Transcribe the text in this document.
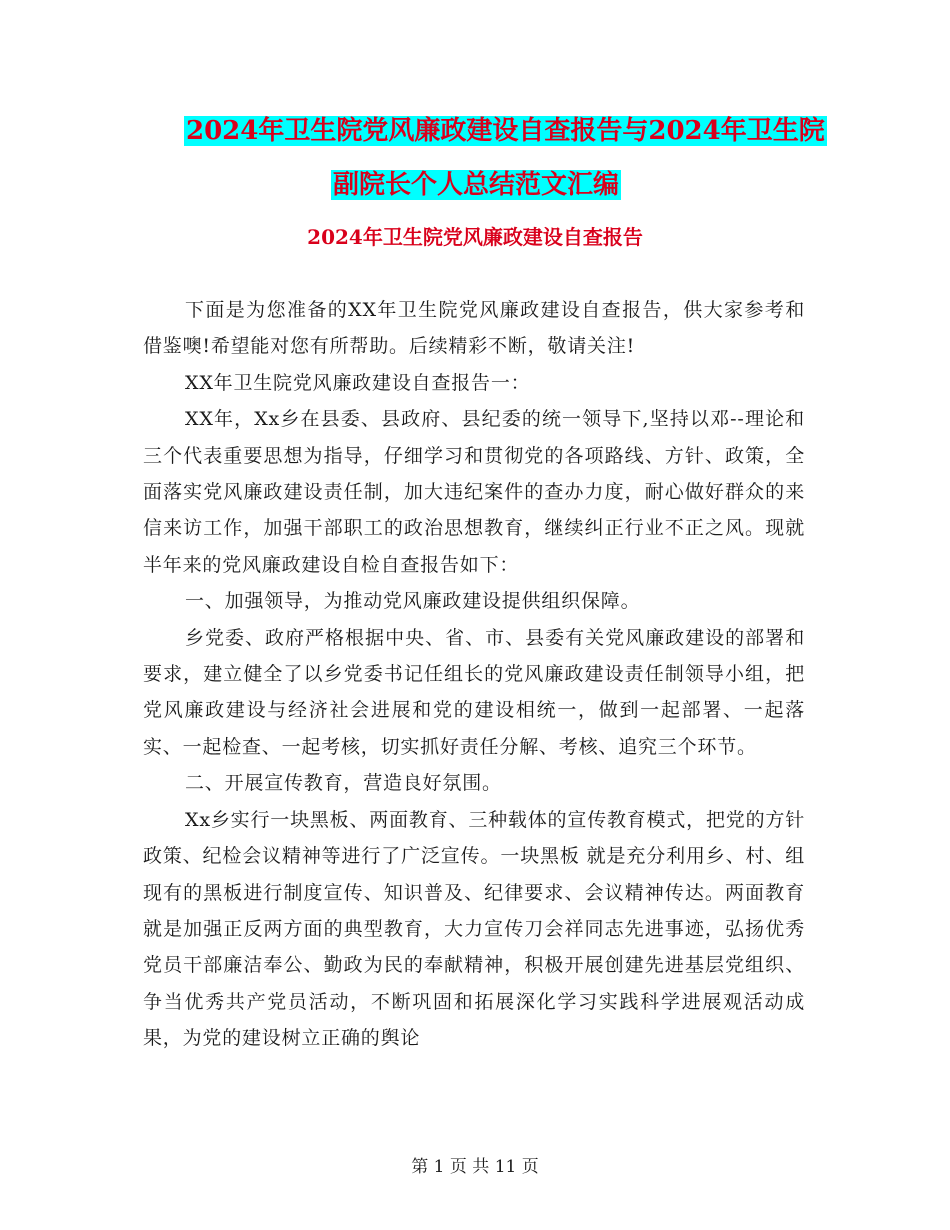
2024年卫生院党风廉政建设自查报告与2024年卫生院
副院长个人总结范文汇编
2024年卫生院党风廉政建设自查报告

下面是为您准备的XX年卫生院党风廉政建设自查报告，供大家参考和借鉴噢!希望能对您有所帮助。后续精彩不断，敬请关注!

XX年卫生院党风廉政建设自查报告一：

XX年，Xx乡在县委、县政府、县纪委的统一领导下,坚持以邓--理论和三个代表重要思想为指导，仔细学习和贯彻党的各项路线、方针、政策，全面落实党风廉政建设责任制，加大违纪案件的查办力度，耐心做好群众的来信来访工作，加强干部职工的政治思想教育，继续纠正行业不正之风。现就半年来的党风廉政建设自检自查报告如下：

一、加强领导，为推动党风廉政建设提供组织保障。

乡党委、政府严格根据中央、省、市、县委有关党风廉政建设的部署和要求，建立健全了以乡党委书记任组长的党风廉政建设责任制领导小组，把党风廉政建设与经济社会进展和党的建设相统一，做到一起部署、一起落实、一起检查、一起考核，切实抓好责任分解、考核、追究三个环节。

二、开展宣传教育，营造良好氛围。

Xx乡实行一块黑板、两面教育、三种载体的宣传教育模式，把党的方针政策、纪检会议精神等进行了广泛宣传。一块黑板 就是充分利用乡、村、组现有的黑板进行制度宣传、知识普及、纪律要求、会议精神传达。两面教育就是加强正反两方面的典型教育，大力宣传刀会祥同志先进事迹，弘扬优秀党员干部廉洁奉公、勤政为民的奉献精神，积极开展创建先进基层党组织、争当优秀共产党员活动，不断巩固和拓展深化学习实践科学进展观活动成果，为党的建设树立正确的舆论

第 1 页 共 11 页
